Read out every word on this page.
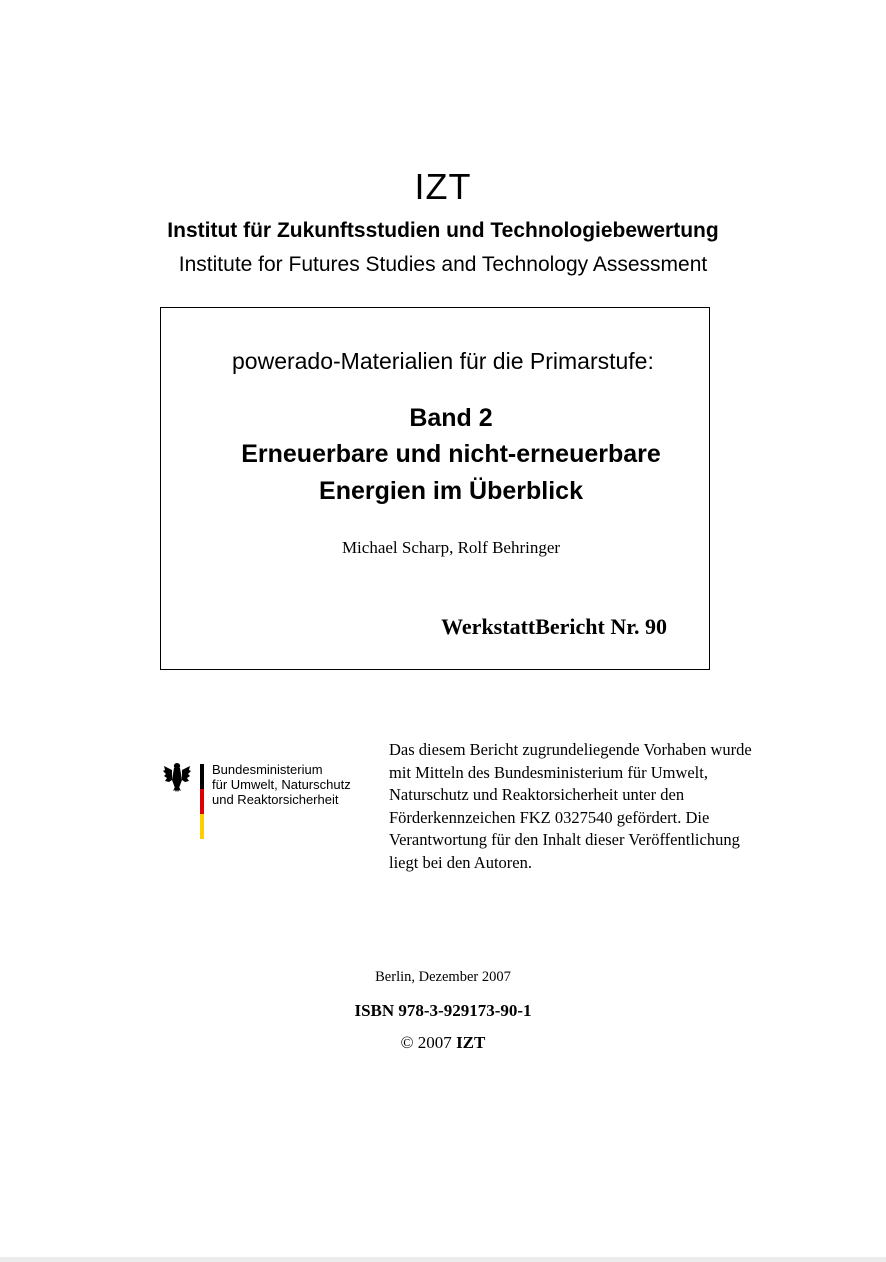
IZT
Institut für Zukunftsstudien und Technologiebewertung
Institute for Futures Studies and Technology Assessment
powerado-Materialien für die Primarstufe:
Band 2
Erneuerbare und nicht-erneuerbare
Energien im Überblick
Michael Scharp, Rolf Behringer
WerkstattBericht Nr. 90
Bundesministerium
für Umwelt, Naturschutz
und Reaktorsicherheit
Das diesem Bericht zugrundeliegende Vorhaben wurde mit Mitteln des Bundesministerium für Umwelt, Naturschutz und Reaktorsicherheit unter den Förderkennzeichen FKZ 0327540 gefördert. Die Verantwortung für den Inhalt dieser Veröffentlichung liegt bei den Autoren.
Berlin, Dezember 2007
ISBN 978-3-929173-90-1
© 2007 IZT
